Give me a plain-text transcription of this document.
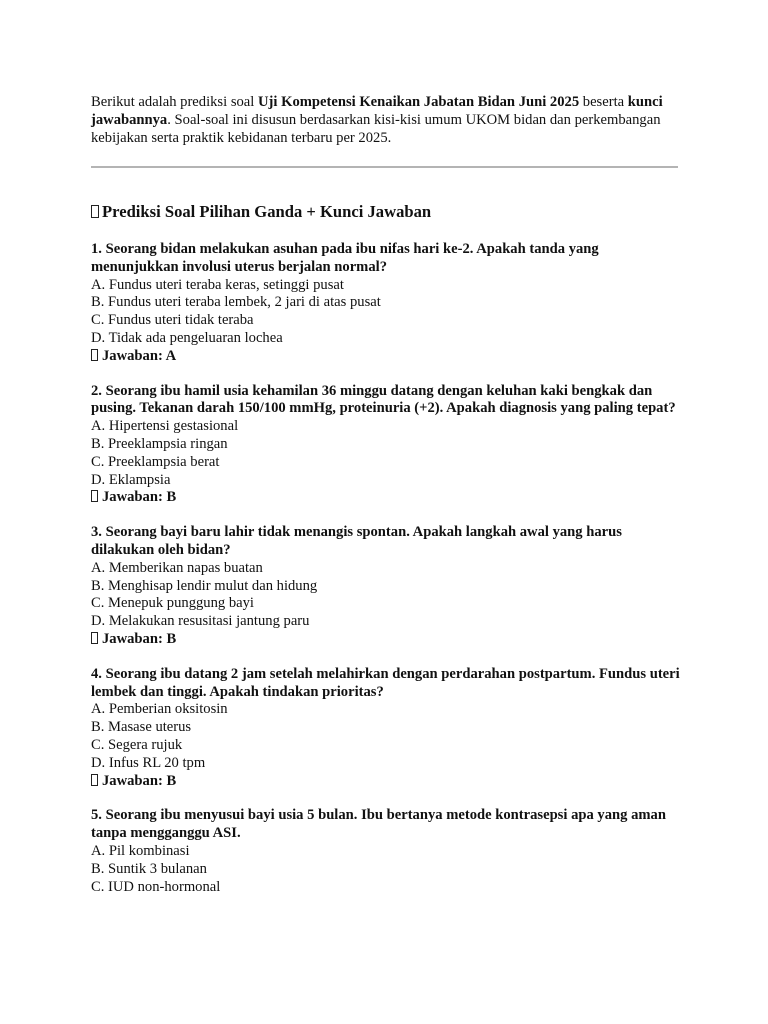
Berikut adalah prediksi soal Uji Kompetensi Kenaikan Jabatan Bidan Juni 2025 beserta kunci jawabannya. Soal-soal ini disusun berdasarkan kisi-kisi umum UKOM bidan dan perkembangan kebijakan serta praktik kebidanan terbaru per 2025.

Prediksi Soal Pilihan Ganda + Kunci Jawaban

1. Seorang bidan melakukan asuhan pada ibu nifas hari ke-2. Apakah tanda yang menunjukkan involusi uterus berjalan normal?

A. Fundus uteri teraba keras, setinggi pusat

B. Fundus uteri teraba lembek, 2 jari di atas pusat

C. Fundus uteri tidak teraba

D. Tidak ada pengeluaran lochea

Jawaban: A

2. Seorang ibu hamil usia kehamilan 36 minggu datang dengan keluhan kaki bengkak dan pusing. Tekanan darah 150/100 mmHg, proteinuria (+2). Apakah diagnosis yang paling tepat?

A. Hipertensi gestasional

B. Preeklampsia ringan

C. Preeklampsia berat

D. Eklampsia

Jawaban: B

3. Seorang bayi baru lahir tidak menangis spontan. Apakah langkah awal yang harus dilakukan oleh bidan?

A. Memberikan napas buatan

B. Menghisap lendir mulut dan hidung

C. Menepuk punggung bayi

D. Melakukan resusitasi jantung paru

Jawaban: B

4. Seorang ibu datang 2 jam setelah melahirkan dengan perdarahan postpartum. Fundus uteri lembek dan tinggi. Apakah tindakan prioritas?

A. Pemberian oksitosin

B. Masase uterus

C. Segera rujuk

D. Infus RL 20 tpm

Jawaban: B

5. Seorang ibu menyusui bayi usia 5 bulan. Ibu bertanya metode kontrasepsi apa yang aman tanpa mengganggu ASI.

A. Pil kombinasi

B. Suntik 3 bulanan

C. IUD non-hormonal
